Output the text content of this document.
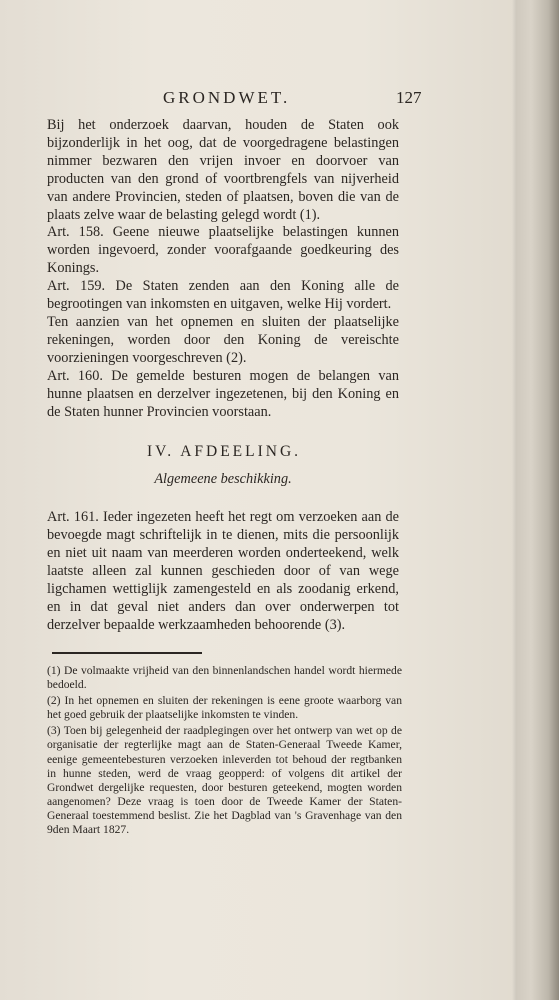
GRONDWET.	127

Bij het onderzoek daarvan, houden de Staten ook bijzonderlijk in het oog, dat de voorgedragene belastingen nimmer bezwaren den vrijen invoer en doorvoer van producten van den grond of voortbrengfels van nijverheid van andere Provincien, steden of plaatsen, boven die van de plaats zelve waar de belasting gelegd wordt (1).

Art. 158. Geene nieuwe plaatselijke belastingen kunnen worden ingevoerd, zonder voorafgaande goedkeuring des Konings.

Art. 159. De Staten zenden aan den Koning alle de begrootingen van inkomsten en uitgaven, welke Hij vordert.

Ten aanzien van het opnemen en sluiten der plaatselijke rekeningen, worden door den Koning de vereischte voorzieningen voorgeschreven (2).

Art. 160. De gemelde besturen mogen de belangen van hunne plaatsen en derzelver ingezetenen, bij den Koning en de Staten hunner Provincien voorstaan.

IV. AFDEELING.
Algemeene beschikking.

Art. 161. Ieder ingezeten heeft het regt om verzoeken aan de bevoegde magt schriftelijk in te dienen, mits die persoonlijk en niet uit naam van meerderen worden onderteekend, welk laatste alleen zal kunnen geschieden door of van wege ligchamen wettiglijk zamengesteld en als zoodanig erkend, en in dat geval niet anders dan over onderwerpen tot derzelver bepaalde werkzaamheden behoorende (3).

(1) De volmaakte vrijheid van den binnenlandschen handel wordt hiermede bedoeld.

(2) In het opnemen en sluiten der rekeningen is eene groote waarborg van het goed gebruik der plaatselijke inkomsten te vinden.

(3) Toen bij gelegenheid der raadplegingen over het ontwerp van wet op de organisatie der regterlijke magt aan de Staten-Generaal Tweede Kamer, eenige gemeentebesturen verzoeken inleverden tot behoud der regtbanken in hunne steden, werd de vraag geopperd: of volgens dit artikel der Grondwet dergelijke requesten, door besturen geteekend, mogten worden aangenomen? Deze vraag is toen door de Tweede Kamer der Staten-Generaal toestemmend beslist. Zie het Dagblad van 's Gravenhage van den 9den Maart 1827.
